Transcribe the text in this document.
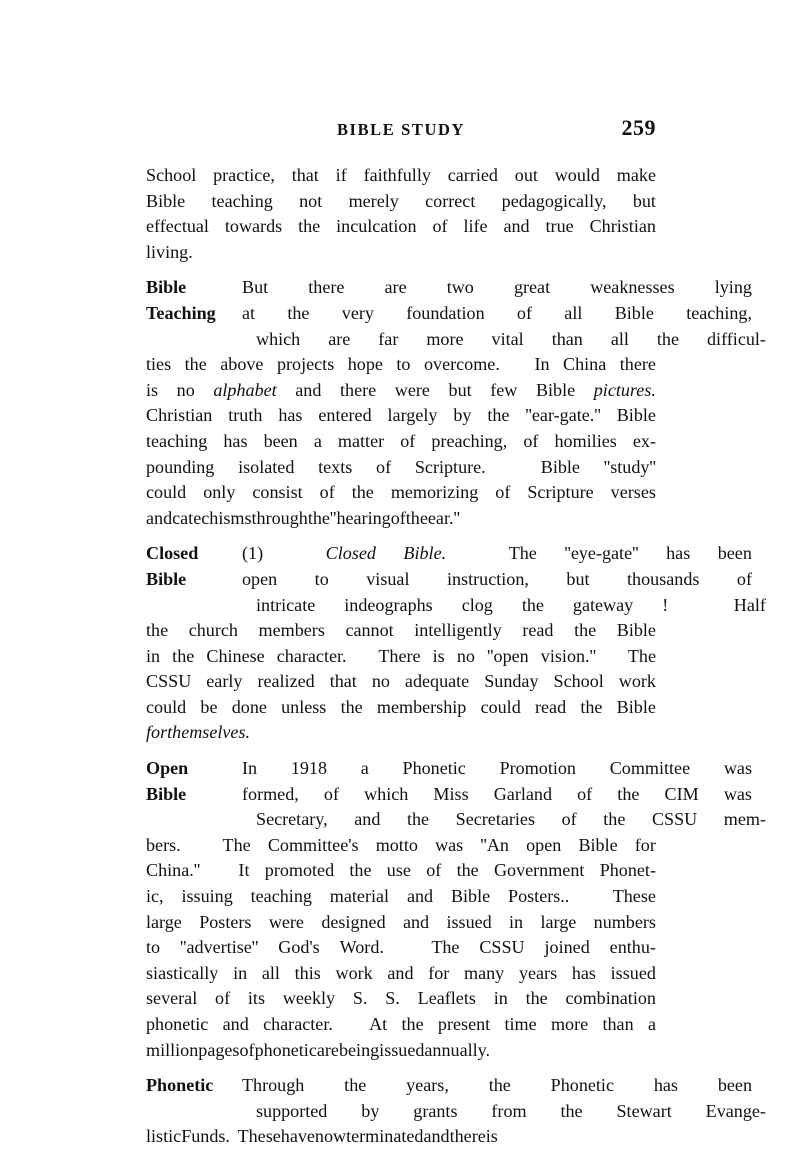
BIBLE STUDY	259
School practice, that if faithfully carried out would make
Bible teaching not merely correct pedagogically, but
effectual towards the inculcation of life and true Christian
living.
Bible
Teaching
But there are two great weaknesses lying
at the very foundation of all Bible teaching,
which are far more vital than all the difficul-
ties the above projects hope to overcome. In China there
is no alphabet and there were but few Bible pictures.
Christian truth has entered largely by the ''ear-gate.'' Bible
teaching has been a matter of preaching, of homilies ex-
pounding isolated texts of Scripture.	Bible ''study''
could only consist of the memorizing of Scripture verses
and catechisms through the ''hearing of the ear.''
Closed
Bible
(1)	Closed Bible.	The ''eye-gate'' has been
open to visual instruction, but thousands of
intricate indeographs clog the gateway !	Half
the church members cannot intelligently read the Bible
in the Chinese character. There is no ''open vision.'' The
CSSU early realized that no adequate Sunday School work
could be done unless the membership could read the Bible
for themselves.
Open
Bible
In 1918 a Phonetic Promotion Committee was
formed, of which Miss Garland of the CIM was
Secretary, and the Secretaries of the CSSU mem-
bers. The Committee's motto was ''An open Bible for
China.'' It promoted the use of the Government Phonet-
ic, issuing teaching material and Bible Posters.. These
large Posters were designed and issued in large numbers
to ''advertise'' God's Word.	The CSSU joined enthu-
siastically in all this work and for many years has issued
several of its weekly S. S. Leaflets in the combination
phonetic and character. At the present time more than a
million pages of phonetic are being issued annually.
Phonetic	Through the years, the Phonetic has been
supported by grants from the Stewart Evange-
listic Funds. These have now terminated and there is
